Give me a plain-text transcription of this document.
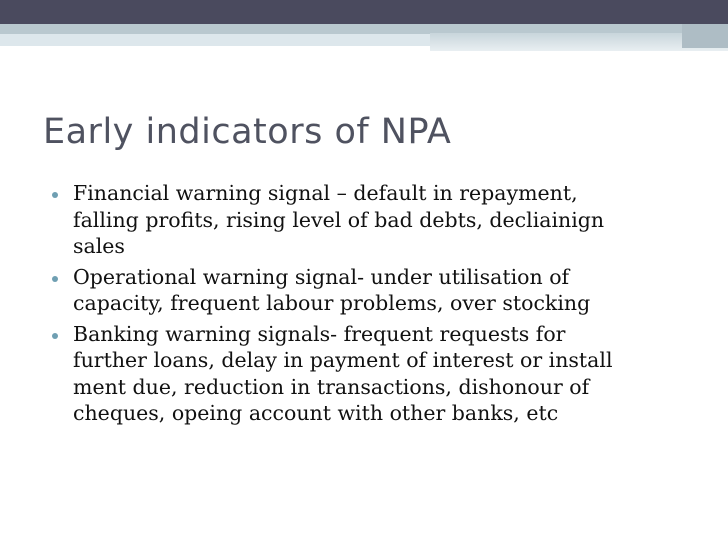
Early indicators of NPA
Financial warning signal – default in repayment,
falling profits, rising level of bad debts, decliainign
sales
Operational warning signal- under utilisation of
capacity, frequent labour problems, over stocking
Banking warning signals- frequent requests for
further loans, delay in payment of interest or install
ment due, reduction in transactions, dishonour of
cheques, opeing account with other banks, etc
